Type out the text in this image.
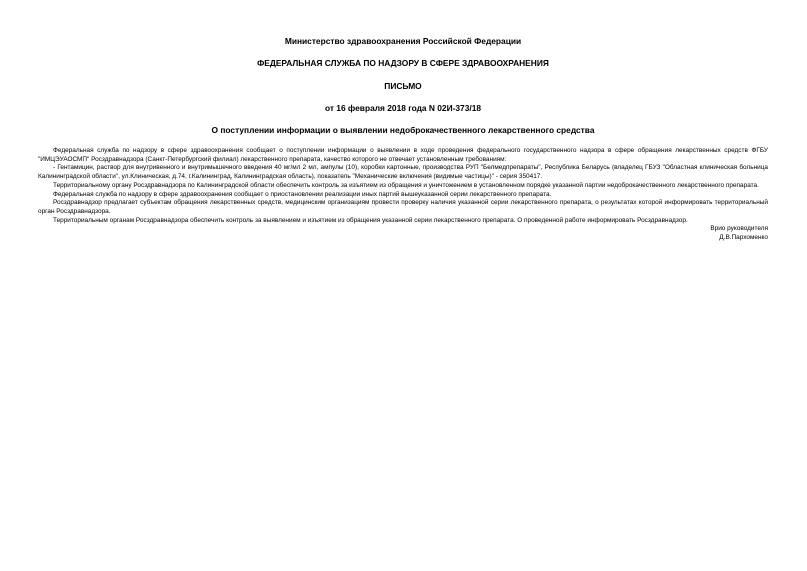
Министерство здравоохранения Российской Федерации
ФЕДЕРАЛЬНАЯ СЛУЖБА ПО НАДЗОРУ В СФЕРЕ ЗДРАВООХРАНЕНИЯ
ПИСЬМО
от 16 февраля 2018 года N 02И-373/18
О поступлении информации о выявлении недоброкачественного лекарственного средства

Федеральная служба по надзору в сфере здравоохранения сообщает о поступлении информации о выявлении в ходе проведения федерального государственного надзора в сфере обращения лекарственных средств ФГБУ "ИМЦЭУАОСМП" Росздравнадзора (Санкт-Петербургский филиал) лекарственного препарата, качество которого не отвечает установленным требованиям:

- Гентамицин, раствор для внутривенного и внутримышечного введения 40 мг/мл 2 мл, ампулы (10), коробки картонные, производства РУП "Белмедпрепараты", Республика Беларусь (владелец ГБУЗ "Областная клиническая больница Калининградской области", ул.Клиническая, д.74, г.Калининград, Калининградская область), показатель "Механические включения (видимые частицы)" - серия 350417.

Территориальному органу Росздравнадзора по Калининградской области обеспечить контроль за изъятием из обращения и уничтожением в установленном порядке указанной партии недоброкачественного лекарственного препарата.

Федеральная служба по надзору в сфере здравоохранения сообщает о приостановлении реализации иных партий вышеуказанной серии лекарственного препарата.

Росздравнадзор предлагает субъектам обращения лекарственных средств, медицинским организациям провести проверку наличия указанной серии лекарственного препарата, о результатах которой информировать территориальный орган Росздравнадзора.

Территориальным органам Росздравнадзора обеспечить контроль за выявлением и изъятием из обращения указанной серии лекарственного препарата. О проведенной работе информировать Росздравнадзор.

Врио руководителя
Д.В.Пархоменко
